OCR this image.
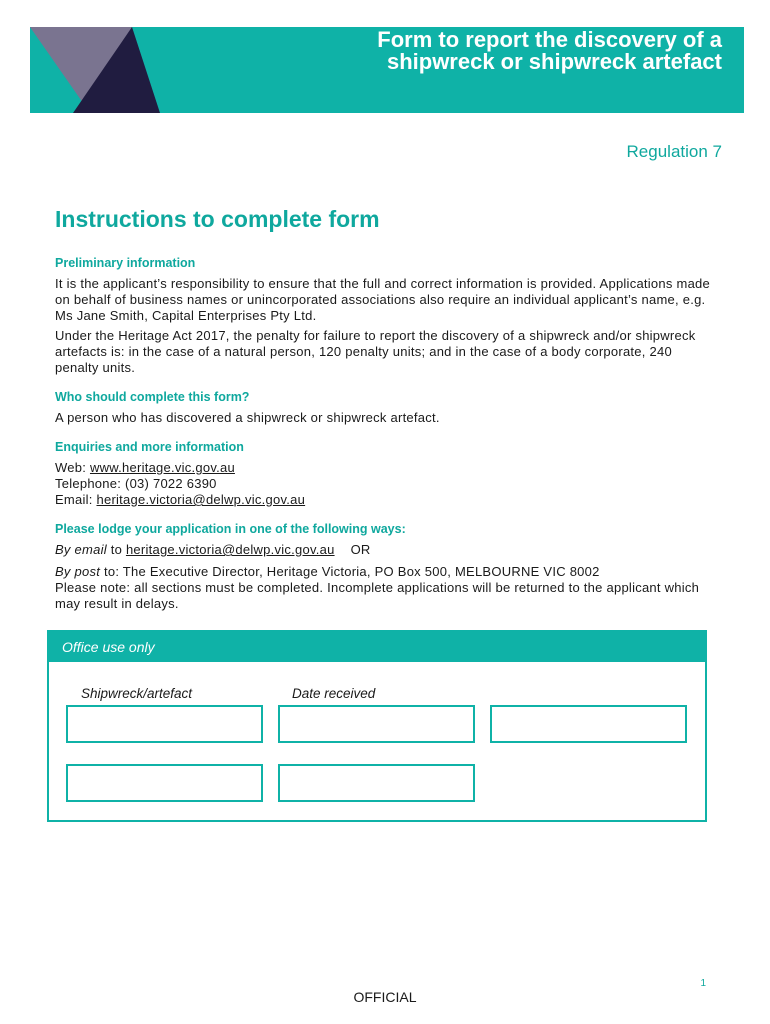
Form to report the discovery of a

shipwreck or shipwreck artefact

Regulation 7

Instructions to complete form

Preliminary information

It is the applicant’s responsibility to ensure that the full and correct information is provided. Applications made on behalf of business names or unincorporated associations also require an individual applicant’s name, e.g. Ms Jane Smith, Capital Enterprises Pty Ltd.

Under the Heritage Act 2017, the penalty for failure to report the discovery of a shipwreck and/or shipwreck artefacts is: in the case of a natural person, 120 penalty units; and in the case of a body corporate, 240 penalty units.

Who should complete this form?

A person who has discovered a shipwreck or shipwreck artefact.

Enquiries and more information

Web: www.heritage.vic.gov.au

Telephone: (03) 7022 6390

Email: heritage.victoria@delwp.vic.gov.au

Please lodge your application in one of the following ways:

By email to heritage.victoria@delwp.vic.gov.au OR

By post to: The Executive Director, Heritage Victoria, PO Box 500, MELBOURNE VIC 8002

Please note: all sections must be completed. Incomplete applications will be returned to the applicant which may result in delays.

Office use only

Shipwreck/artefact	Date received

1
OFFICIAL
